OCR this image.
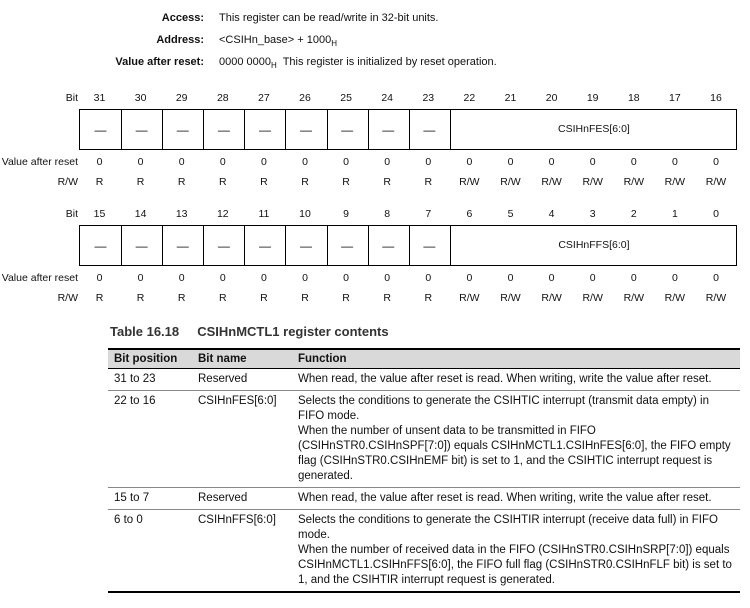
Access: This register can be read/write in 32-bit units.
Address: <CSIHn_base> + $1000_H$
Value after reset: 0000 $0000_H$ This register is initialized by reset operation.
Bit	31	30	29	28	27	26	25	24	23	22	21	20	19	18	17	16
—	—	—	—	—	—	—	—	—	CSIHnFES[6:0]
Value after reset	0	0	0	0	0	0	0	0	0	0	0	0	0	0	0	0
R/W	R	R	R	R	R	R	R	R	R	R/W	R/W	R/W	R/W	R/W	R/W	R/W
Bit	15	14	13	12	11	10	9	8	7	6	5	4	3	2	1	0
—	—	—	—	—	—	—	—	—	CSIHnFFS[6:0]
Value after reset	0	0	0	0	0	0	0	0	0	0	0	0	0	0	0	0
R/W	R	R	R	R	R	R	R	R	R	R/W	R/W	R/W	R/W	R/W	R/W	R/W
Table 16.18     CSIHnMCTL1 register contents
Bit position	Bit name	Function
31 to 23	Reserved	When read, the value after reset is read. When writing, write the value after reset.

22 to 16	CSIHnFES[6:0]	Selects the conditions to generate the CSIHTIC interrupt (transmit data empty) in FIFO mode.

When the number of unsent data to be transmitted in FIFO (CSIHnSTR0.CSIHnSPF[7:0]) equals CSIHnMCTL1.CSIHnFES[6:0], the FIFO empty flag (CSIHnSTR0.CSIHnEMF bit) is set to 1, and the CSIHTIC interrupt request is generated.

15 to 7	Reserved	When read, the value after reset is read. When writing, write the value after reset.

6 to 0	CSIHnFFS[6:0]	Selects the conditions to generate the CSIHTIR interrupt (receive data full) in FIFO mode.

When the number of received data in the FIFO (CSIHnSTR0.CSIHnSRP[7:0]) equals CSIHnMCTL1.CSIHnFFS[6:0], the FIFO full flag (CSIHnSTR0.CSIHnFLF bit) is set to 1, and the CSIHTIR interrupt request is generated.
